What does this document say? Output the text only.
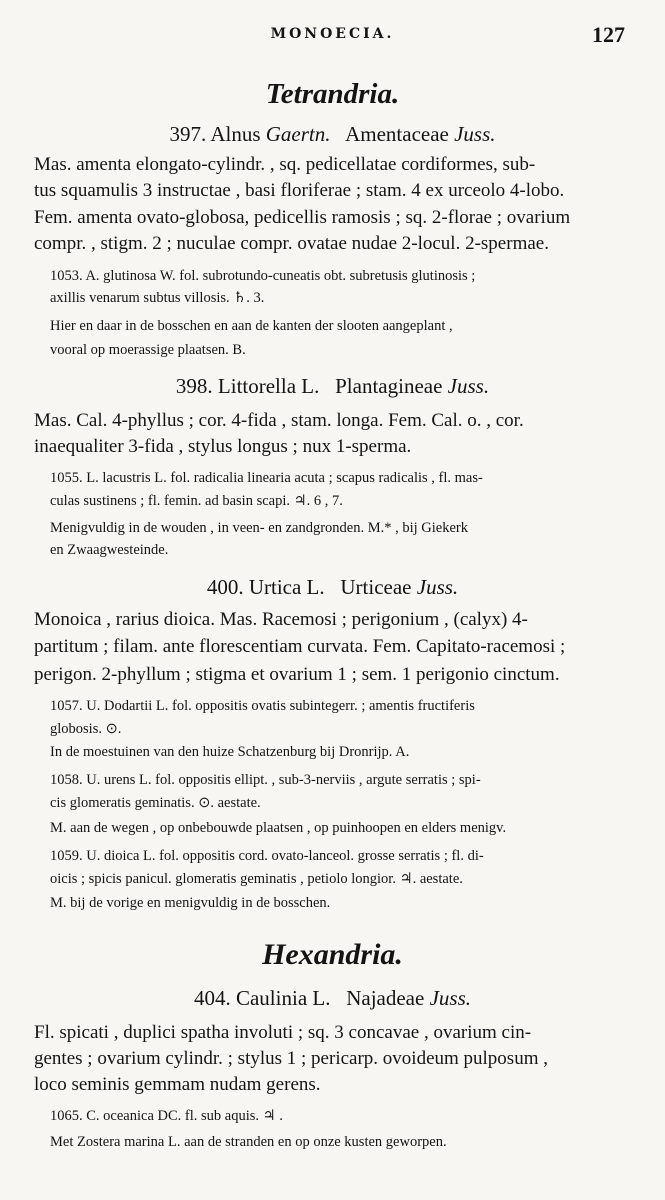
MONOECIA.	127
Tetrandria.
397. Alnus Gaertn. Amentaceae Juss.
Mas. amenta elongato-cylindr. , sq. pedicellatae cordiformes, sub-
tus squamulis 3 instructae , basi floriferae ; stam. 4 ex urceolo 4-lobo.
Fem. amenta ovato-globosa, pedicellis ramosis ; sq. 2-florae ; ovarium
compr. , stigm. 2 ; nuculae compr. ovatae nudae 2-locul. 2-spermae.
1053. A. glutinosa W. fol. subrotundo-cuneatis obt. subretusis glutinosis ;
axillis venarum subtus villosis. ♄. 3.
Hier en daar in de bosschen en aan de kanten der slooten aangeplant ,
vooral op moerassige plaatsen. B.
398. Littorella L. Plantagineae Juss.
Mas. Cal. 4-phyllus ; cor. 4-fida , stam. longa. Fem. Cal. o. , cor.
inaequaliter 3-fida , stylus longus ; nux 1-sperma.
1055. L. lacustris L. fol. radicalia linearia acuta ; scapus radicalis , fl. mas-
culas sustinens ; fl. femin. ad basin scapi. ♃. 6 , 7.
Menigvuldig in de wouden , in veen- en zandgronden. M.* , bij Giekerk
en Zwaagwesteinde.
400. Urtica L. Urticeae Juss.
Monoica , rarius dioica. Mas. Racemosi ; perigonium , (calyx) 4-
partitum ; filam. ante florescentiam curvata. Fem. Capitato-racemosi ;
perigon. 2-phyllum ; stigma et ovarium 1 ; sem. 1 perigonio cinctum.
1057. U. Dodartii L. fol. oppositis ovatis subintegerr. ; amentis fructiferis
globosis. ⊙.
In de moestuinen van den huize Schatzenburg bij Dronrijp. A.
1058. U. urens L. fol. oppositis ellipt. , sub-3-nerviis , argute serratis ; spi-
cis glomeratis geminatis. ⊙. aestate.
M. aan de wegen , op onbebouwde plaatsen , op puinhoopen en elders menigv.
1059. U. dioica L. fol. oppositis cord. ovato-lanceol. grosse serratis ; fl. di-
oicis ; spicis panicul. glomeratis geminatis , petiolo longior. ♃. aestate.
M. bij de vorige en menigvuldig in de bosschen.
Hexandria.
404. Caulinia L. Najadeae Juss.
Fl. spicati , duplici spatha involuti ; sq. 3 concavae , ovarium cin-
gentes ; ovarium cylindr. ; stylus 1 ; pericarp. ovoideum pulposum ,
loco seminis gemmam nudam gerens.
1065. C. oceanica DC. fl. sub aquis. ♃ .
Met Zostera marina L. aan de stranden en op onze kusten geworpen.
